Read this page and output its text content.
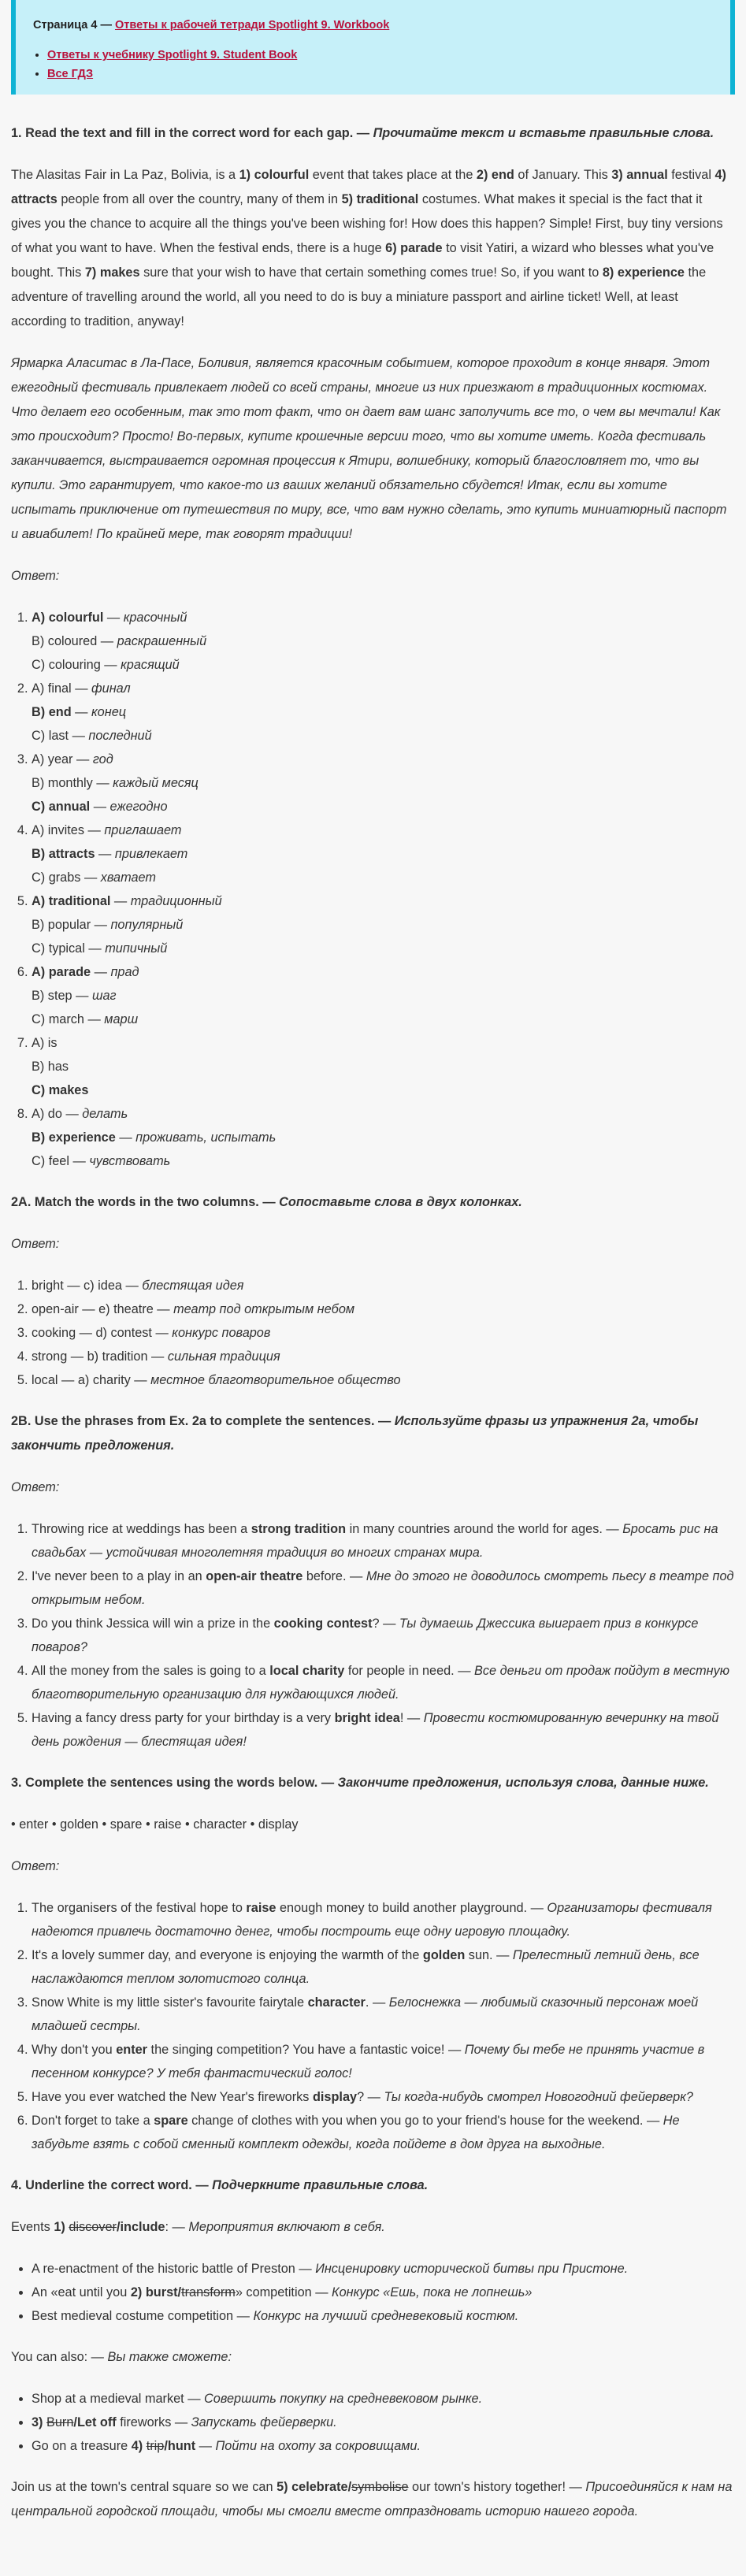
Страница 4 — Ответы к рабочей тетради Spotlight 9. Workbook
• Ответы к учебнику Spotlight 9. Student Book
• Все ГДЗ
1. Read the text and fill in the correct word for each gap. — Прочитайте текст и вставьте правильные слова.

The Alasitas Fair in La Paz, Bolivia, is a 1) colourful event that takes place at the 2) end of January. This 3) annual festival 4) attracts people from all over the country, many of them in 5) traditional costumes. What makes it special is the fact that it gives you the chance to acquire all the things you've been wishing for! How does this happen? Simple! First, buy tiny versions of what you want to have. When the festival ends, there is a huge 6) parade to visit Yatiri, a wizard who blesses what you've bought. This 7) makes sure that your wish to have that certain something comes true! So, if you want to 8) experience the adventure of travelling around the world, all you need to do is buy a miniature passport and airline ticket! Well, at least according to tradition, anyway!

Ярмарка Аласитас в Ла-Пасе, Боливия, является красочным событием, которое проходит в конце января. Этот ежегодный фестиваль привлекает людей со всей страны, многие из них приезжают в традиционных костюмах. Что делает его особенным, так это тот факт, что он дает вам шанс заполучить все то, о чем вы мечтали! Как это происходит? Просто! Во-первых, купите крошечные версии того, что вы хотите иметь. Когда фестиваль заканчивается, выстраивается огромная процессия к Ятири, волшебнику, который благословляет то, что вы купили. Это гарантирует, что какое-то из ваших желаний обязательно сбудется! Итак, если вы хотите испытать приключение от путешествия по миру, все, что вам нужно сделать, это купить миниатюрный паспорт и авиабилет! По крайней мере, так говорят традиции!

Ответ:

1. A) colourful — красочный
B) coloured — раскрашенный
C) colouring — красящий
2. A) final — финал
B) end — конец
C) last — последний
3. A) year — год
B) monthly — каждый месяц
C) annual — ежегодно
4. A) invites — приглашает
B) attracts — привлекает
C) grabs — хватает
5. A) traditional — традиционный
B) popular — популярный
C) typical — типичный
6. A) parade — прад
B) step — шаг
C) march — марш
7. A) is
B) has
C) makes
8. A) do — делать
B) experience — проживать, испытать
C) feel — чувствовать
2A. Match the words in the two columns. — Сопоставьте слова в двух колонках.

Ответ:

1. bright — c) idea — блестящая идея
2. open-air — e) theatre — театр под открытым небом
3. cooking — d) contest — конкурс поваров
4. strong — b) tradition — сильная традиция
5. local — a) charity — местное благотворительное общество
2B. Use the phrases from Ex. 2a to complete the sentences. — Используйте фразы из упражнения 2a, чтобы закончить предложения.

Ответ:

1. Throwing rice at weddings has been a strong tradition in many countries around the world for ages. — Бросать рис на свадьбах — устойчивая многолетняя традиция во многих странах мира.
2. I've never been to a play in an open-air theatre before. — Мне до этого не доводилось смотреть пьесу в театре под открытым небом.
3. Do you think Jessica will win a prize in the cooking contest? — Ты думаешь Джессика выиграет приз в конкурсе поваров?
4. All the money from the sales is going to a local charity for people in need. — Все деньги от продаж пойдут в местную благотворительную организацию для нуждающихся людей.
5. Having a fancy dress party for your birthday is a very bright idea! — Провести костюмированную вечеринку на твой день рождения — блестящая идея!
3. Complete the sentences using the words below. — Закончите предложения, используя слова, данные ниже.

• enter • golden • spare • raise • character • display

Ответ:

1. The organisers of the festival hope to raise enough money to build another playground. — Организаторы фестиваля надеются привлечь достаточно денег, чтобы построить еще одну игровую площадку.
2. It's a lovely summer day, and everyone is enjoying the warmth of the golden sun. — Прелестный летний день, все наслаждаются теплом золотистого солнца.
3. Snow White is my little sister's favourite fairytale character. — Белоснежка — любимый сказочный персонаж моей младшей сестры.
4. Why don't you enter the singing competition? You have a fantastic voice! — Почему бы тебе не принять участие в песенном конкурсе? У тебя фантастический голос!
5. Have you ever watched the New Year's fireworks display? — Ты когда-нибудь смотрел Новогодний фейерверк?
6. Don't forget to take a spare change of clothes with you when you go to your friend's house for the weekend. — Не забудьте взять с собой сменный комплект одежды, когда пойдете в дом друга на выходные.
4. Underline the correct word. — Подчеркните правильные слова.

Events 1) discover/include: — Мероприятия включают в себя.

• A re-enactment of the historic battle of Preston — Инсценировку исторической битвы при Пристоне.
• An «eat until you 2) burst/transform» competition — Конкурс «Ешь, пока не лопнешь»
• Best medieval costume competition — Конкурс на лучший средневековый костюм.

You can also: — Вы также сможете:

• Shop at a medieval market — Совершить покупку на средневековом рынке.
• 3) Burn/Let off fireworks — Запускать фейерверки.
• Go on a treasure 4) trip/hunt — Пойти на охоту за сокровищами.

Join us at the town's central square so we can 5) celebrate/symbolise our town's history together! — Присоединяйся к нам на центральной городской площади, чтобы мы смогли вместе отпраздновать историю нашего города.
